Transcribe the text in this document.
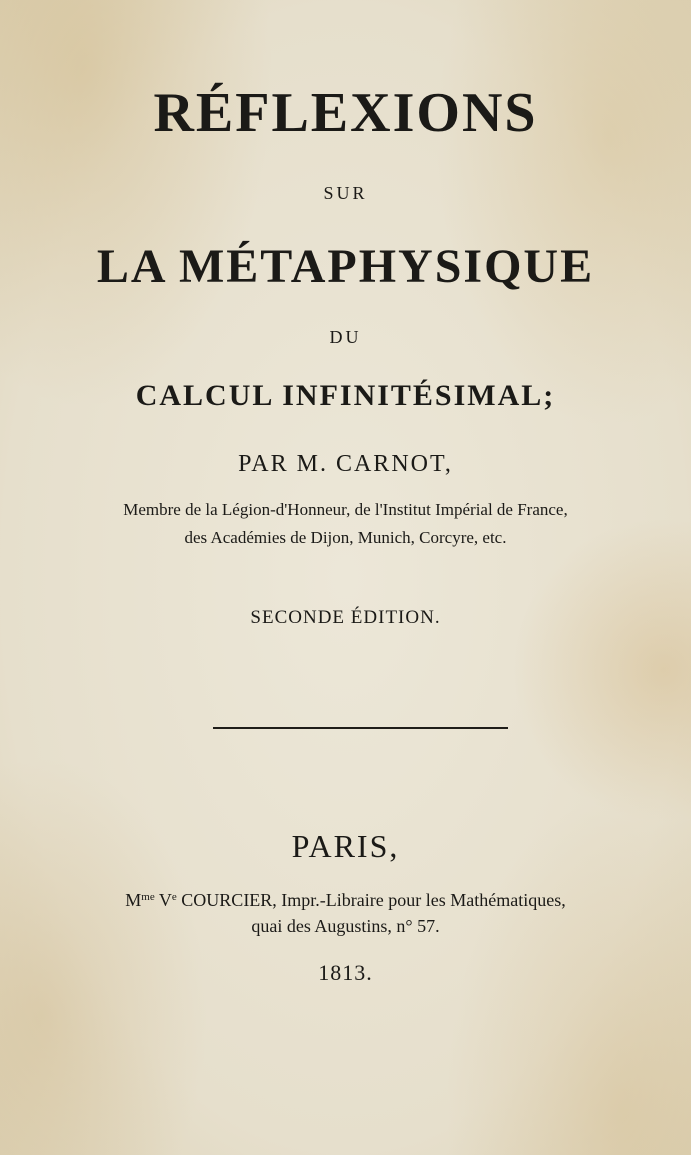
RÉFLEXIONS

SUR

LA MÉTAPHYSIQUE

DU

CALCUL INFINITÉSIMAL;

PAR M. CARNOT,

Membre de la Légion-d'Honneur, de l'Institut Impérial de France,

des Académies de Dijon, Munich, Corcyre, etc.

SECONDE ÉDITION.

PARIS,

$M^{me}$ Ve COURCIER, Impr.-Libraire pour les Mathématiques,

quai des Augustins, n° 57.

1813.
